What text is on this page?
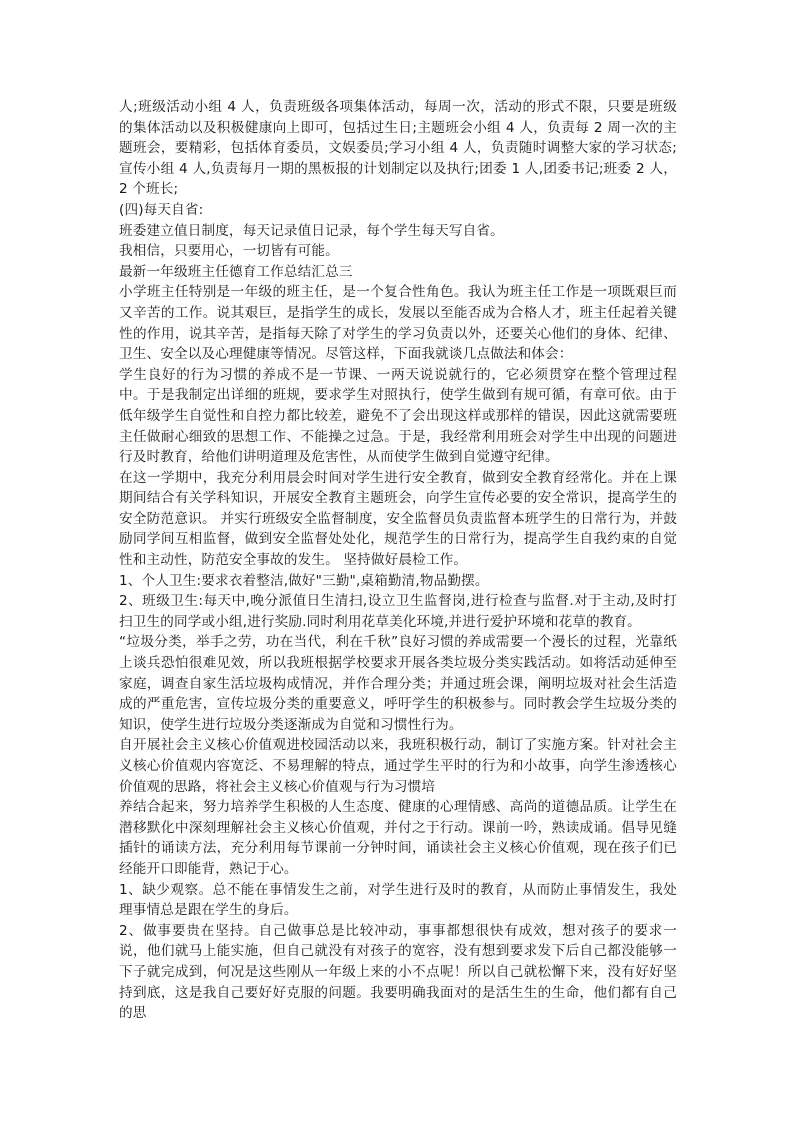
人;班级活动小组 4 人，负责班级各项集体活动，每周一次，活动的形式不限，只要是班级的集体活动以及积极健康向上即可，包括过生日;主题班会小组 4 人，负责每 2 周一次的主题班会，要精彩，包括体育委员，文娱委员;学习小组 4 人，负责随时调整大家的学习状态;宣传小组 4 人,负责每月一期的黑板报的计划制定以及执行;团委 1 人,团委书记;班委 2 人，2 个班长;

(四)每天自省:

班委建立值日制度，每天记录值日记录，每个学生每天写自省。

我相信，只要用心，一切皆有可能。

最新一年级班主任德育工作总结汇总三

小学班主任特别是一年级的班主任，是一个复合性角色。我认为班主任工作是一项既艰巨而又辛苦的工作。说其艰巨，是指学生的成长，发展以至能否成为合格人才，班主任起着关键性的作用，说其辛苦，是指每天除了对学生的学习负责以外，还要关心他们的身体、纪律、卫生、安全以及心理健康等情况。尽管这样，下面我就谈几点做法和体会：

学生良好的行为习惯的养成不是一节课、一两天说说就行的，它必须贯穿在整个管理过程中。于是我制定出详细的班规，要求学生对照执行，使学生做到有规可循，有章可依。由于低年级学生自觉性和自控力都比较差，避免不了会出现这样或那样的错误，因此这就需要班主任做耐心细致的思想工作、不能操之过急。于是，我经常利用班会对学生中出现的问题进行及时教育，给他们讲明道理及危害性，从而使学生做到自觉遵守纪律。

在这一学期中，我充分利用晨会时间对学生进行安全教育，做到安全教育经常化。并在上课期间结合有关学科知识，开展安全教育主题班会，向学生宣传必要的安全常识，提高学生的安全防范意识。 并实行班级安全监督制度，安全监督员负责监督本班学生的日常行为，并鼓励同学间互相监督，做到安全监督处处化，规范学生的日常行为，提高学生自我约束的自觉性和主动性，防范安全事故的发生。 坚持做好晨检工作。

1、个人卫生:要求衣着整洁,做好"三勤",桌箱勤清,物品勤摆。

2、班级卫生:每天中,晚分派值日生清扫,设立卫生监督岗,进行检查与监督.对于主动,及时打扫卫生的同学或小组,进行奖励.同时利用花草美化环境,并进行爱护环境和花草的教育。

“垃圾分类，举手之劳，功在当代，利在千秋”良好习惯的养成需要一个漫长的过程，光靠纸上谈兵恐怕很难见效，所以我班根据学校要求开展各类垃圾分类实践活动。如将活动延伸至家庭，调查自家生活垃圾构成情况，并作合理分类；并通过班会课，阐明垃圾对社会生活造成的严重危害，宣传垃圾分类的重要意义，呼吁学生的积极参与。同时教会学生垃圾分类的知识，使学生进行垃圾分类逐渐成为自觉和习惯性行为。

自开展社会主义核心价值观进校园活动以来，我班积极行动，制订了实施方案。针对社会主义核心价值观内容宽泛、不易理解的特点，通过学生平时的行为和小故事，向学生渗透核心价值观的思路，将社会主义核心价值观与行为习惯培

养结合起来，努力培养学生积极的人生态度、健康的心理情感、高尚的道德品质。让学生在潜移默化中深刻理解社会主义核心价值观，并付之于行动。课前一吟，熟读成诵。倡导见缝插针的诵读方法，充分利用每节课前一分钟时间，诵读社会主义核心价值观，现在孩子们已经能开口即能背，熟记于心。

1、缺少观察。总不能在事情发生之前，对学生进行及时的教育，从而防止事情发生，我处理事情总是跟在学生的身后。

2、做事要贵在坚持。自己做事总是比较冲动，事事都想很快有成效，想对孩子的要求一说，他们就马上能实施，但自己就没有对孩子的宽容，没有想到要求发下后自己都没能够一下子就完成到，何况是这些刚从一年级上来的小不点呢！所以自己就松懈下来，没有好好坚持到底，这是我自己要好好克服的问题。我要明确我面对的是活生生的生命，他们都有自己的思
